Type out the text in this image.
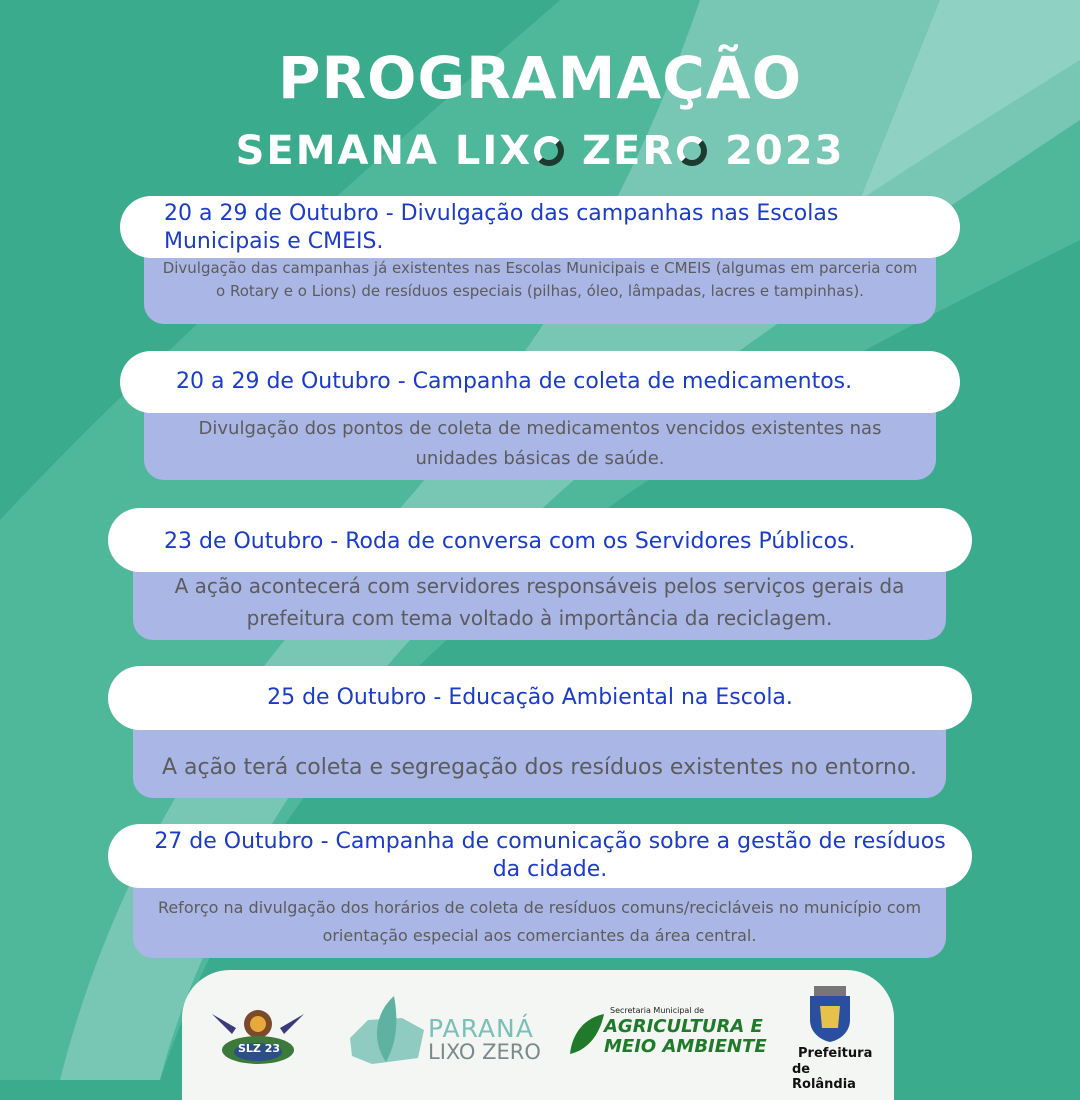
PROGRAMAÇÃO
SEMANA LIX ZER 2023
Divulgação das campanhas já existentes nas Escolas Municipais e CMEIS (algumas em parceria com o Rotary e o Lions) de resíduos especiais (pilhas, óleo, lâmpadas, lacres e tampinhas).
20 a 29 de Outubro - Divulgação das campanhas nas Escolas Municipais e CMEIS.
Divulgação dos pontos de coleta de medicamentos vencidos existentes nas unidades básicas de saúde.
20 a 29 de Outubro - Campanha de coleta de medicamentos.
A ação acontecerá com servidores responsáveis pelos serviços gerais da prefeitura com tema voltado à importância da reciclagem.
23 de Outubro - Roda de conversa com os Servidores Públicos.
A ação terá coleta e segregação dos resíduos existentes no entorno.
25 de Outubro - Educação Ambiental na Escola.
Reforço na divulgação dos horários de coleta de resíduos comuns/recicláveis no município com orientação especial aos comerciantes da área central.
27 de Outubro - Campanha de comunicação sobre a gestão de resíduos da cidade.
SLZ 23
PARANÁ
LIXO ZERO
Secretaria Municipal de
AGRICULTURA E
MEIO AMBIENTE Prefeitura
de Rolândia
